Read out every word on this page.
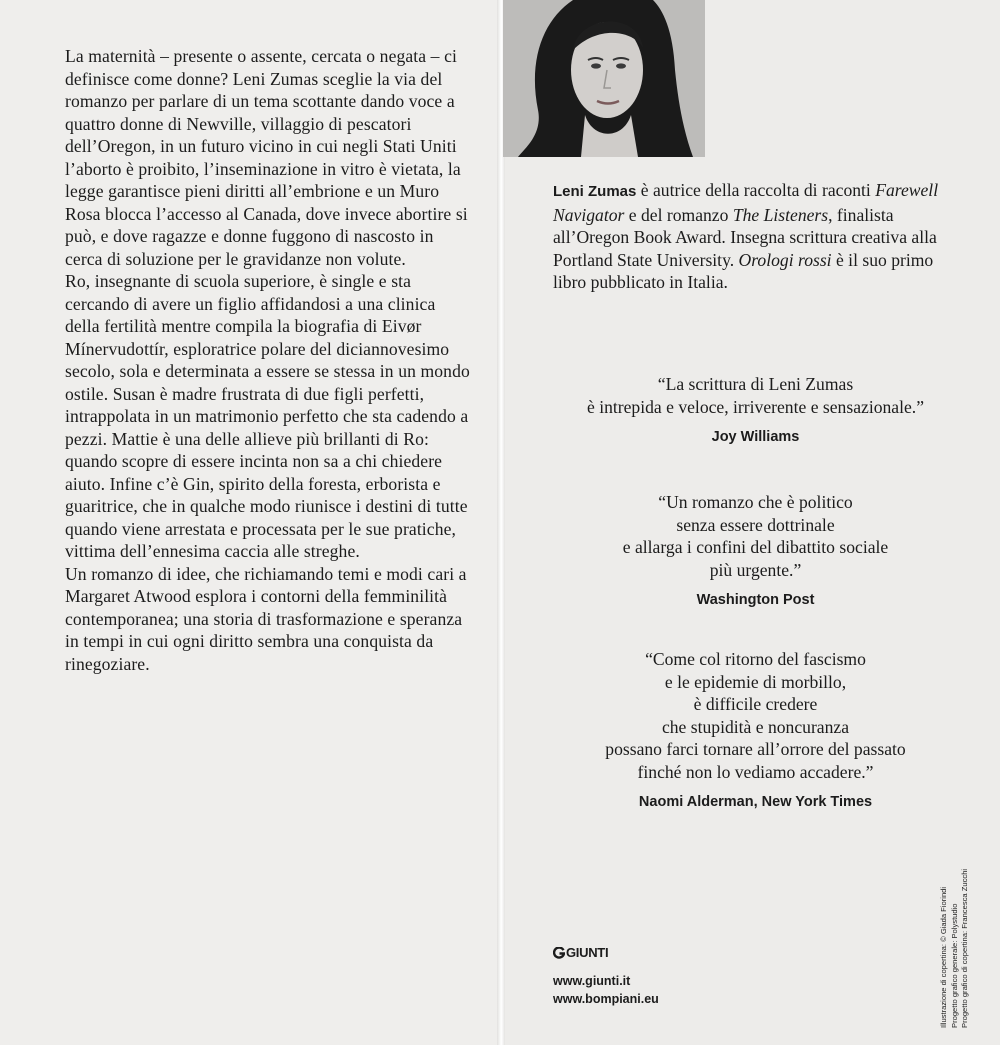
La maternità – presente o assente, cercata o negata – ci definisce come donne? Leni Zumas sceglie la via del romanzo per parlare di un tema scottante dando voce a quattro donne di Newville, villaggio di pescatori dell’Oregon, in un futuro vicino in cui negli Stati Uniti l’aborto è proibito, l’inseminazione in vitro è vietata, la legge garantisce pieni diritti all’embrione e un Muro Rosa blocca l’accesso al Canada, dove invece abortire si può, e dove ragazze e donne fuggono di nascosto in cerca di soluzione per le gravidanze non volute.

Ro, insegnante di scuola superiore, è single e sta cercando di avere un figlio affidandosi a una clinica della fertilità mentre compila la biografia di Eivør Mínervudottír, esploratrice polare del diciannovesimo secolo, sola e determinata a essere se stessa in un mondo ostile. Susan è madre frustrata di due figli perfetti, intrappolata in un matrimonio perfetto che sta cadendo a pezzi. Mattie è una delle allieve più brillanti di Ro: quando scopre di essere incinta non sa a chi chiedere aiuto. Infine c’è Gin, spirito della foresta, erborista e guaritrice, che in qualche modo riunisce i destini di tutte quando viene arrestata e processata per le sue pratiche, vittima dell’ennesima caccia alle streghe.

Un romanzo di idee, che richiamando temi e modi cari a Margaret Atwood esplora i contorni della femminilità contemporanea; una storia di trasformazione e speranza in tempi in cui ogni diritto sembra una conquista da rinegoziare.

Leni Zumas è autrice della raccolta di raconti Farewell Navigator e del romanzo The Listeners, finalista all’Oregon Book Award. Insegna scrittura creativa alla Portland State University. Orologi rossi è il suo primo libro pubblicato in Italia.
“La scrittura di Leni Zumas
è intrepida e veloce, irriverente e sensazionale.”
Joy Williams
“Un romanzo che è politico
senza essere dottrinale
e allarga i confini del dibattito sociale
più urgente.”
Washington Post
“Come col ritorno del fascismo
e le epidemie di morbillo,
è difficile credere
che stupidità e noncuranza
possano farci tornare all’orrore del passato
finché non lo vediamo accadere.”
Naomi Alderman, New York Times
GIUNTI
www.giunti.it
www.bompiani.eu	Illustrazione di copertina: © Giada Fiorindi Progetto grafico generale: Polystudio Progetto grafico di copertina: Francesca Zucchi
